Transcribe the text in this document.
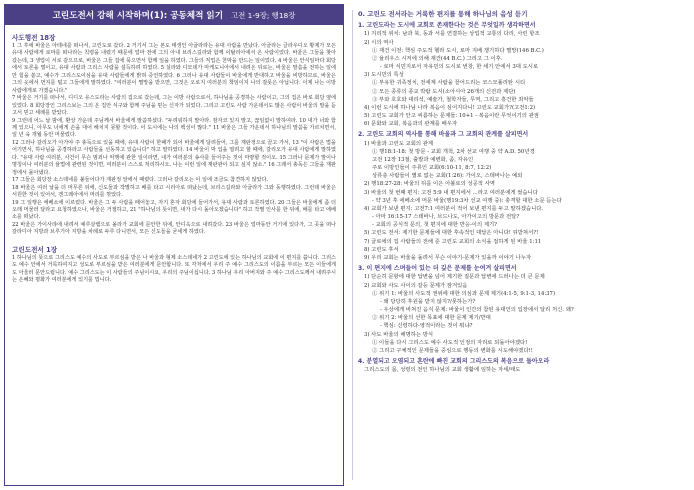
고린도전서 강해 시작하며(1): 공동체적 읽기 고전 1-9장; 행18장
사도행전 18장

1 그 후에 바울은 아테네를 떠나서, 고린도로 갔다. 2 거기서 그는 본도 태생인 아굴라라는 유대 사람을 만났다. 아굴라는 글라우디오 황제가 모든 유대 사람에게 로마를 떠나라는 칙령을 내렸기 때문에 얼마 전에 그의 아내 브리스길라와 함께 이탈리아에서 온 사람이었다. 바울은 그들을 찾아갔는데, 3 생업이 서로 같으므로, 바울은 그들 집에 묵으면서 함께 일을 하였다. 그들의 직업은 천막을 만드는 일이었다. 4 바울은 안식일마다 회당에서 토론을 벌이고, 유대 사람과 그리스 사람을 설득하려 하였다. 5 실라와 디모데가 마케도니아에서 내려온 뒤로는, 바울은 말씀을 전하는 일에만 힘을 쏟고, 예수가 그리스도이심을 유대 사람들에게 밝혀 증언하였다. 6 그러나 유대 사람들이 바울에게 반대하고 바울을 비방하므로, 바울은 그의 옷에서 먼지를 털고 그들에게 말하였다. "여러분이 멸망을 받으면, 그것은 오로지 여러분의 책임이지 나의 잘못은 아닙니다. 이제 나는 이방 사람에게로 가겠습니다."

7 바울은 거기를 떠나서, 디디오 유스도라는 사람의 집으로 갔는데, 그는 이방 사람으로서, 하나님을 공경하는 사람이고, 그의 집은 바로 회당 옆에 있었다. 8 회당장인 그리스보는 그의 온 집안 식구와 함께 주님을 믿는 신자가 되었다. 그리고 고린도 사람 가운데서도 많은 사람이 바울의 말을 듣고서 믿고 세례를 받았다.

9 그런데 어느 날 밤에, 환상 가운데 주님께서 바울에게 말씀하셨다. "두려워하지 말아라. 잠자코 있지 말고, 끊임없이 말하여라. 10 내가 너와 함께 있으니, 아무도 너에게 손을 대어 해치지 못할 것이다. 이 도시에는 나의 백성이 많다." 11 바울은 그들 가운데서 하나님의 말씀을 가르치면서, 일 년 육 개월 동안 머물렀다.

12 그러나 갈리오가 아가야 주 총독으로 있을 때에, 유대 사람이 한패가 되어 바울에게 달려들어, 그를 재판정으로 끌고 가서, 13 "이 사람은 법을 어기면서, 하나님을 공경하라고 사람들을 선동하고 있습니다" 하고 말하였다. 14 바울이 막 입을 열려고 할 때에, 갈리오가 유대 사람에게 말하였다. "유대 사람 여러분, 사건이 무슨 범죄나 악행에 관한 일이라면, 내가 여러분의 송사를 들어주는 것이 마땅할 것이오. 15 그러나 문제가 말이나 명칭이나 여러분의 율법에 관련된 것이면, 여러분이 스스로 처리하시오. 나는 이런 일에 재판관이 되고 싶지 않소." 16 그래서 총독은 그들을 재판정에서 몰아냈다.

17 그들은 회당장 소스데네를 붙들어다가 재판정 앞에서 때렸다. 그러나 갈리오는 이 일에 조금도 참견하지 않았다.

18 바울은 여러 날을 더 머무른 뒤에, 신도들과 작별하고 배를 타고 시리아로 떠났는데, 브리스길라와 아굴라가 그와 동행하였다. 그런데 바울은 서원한 것이 있어서, 겐그레아에서 머리를 깎았다.

19 그 일행은 에베소에 이르렀다. 바울은 그 두 사람을 떼어놓고, 자기 혼자 회당에 들어가서, 유대 사람과 토론하였다. 20 그들은 바울에게 좀 더 오래 머물러 달라고 요청하였으나, 바울은 거절하고, 21 "하나님의 뜻이면, 내가 다시 돌아오겠습니다" 하고 작별 인사를 한 뒤에, 배를 타고 에베소를 떠났다.

22 바울은 가이사랴에 내려서 예루살렘으로 올라가 교회에 문안한 뒤에, 안디옥으로 내려갔다. 23 바울은 얼마동안 거기에 있다가, 그 곳을 떠나 갈라디아 지방과 브루기아 지방을 차례로 두루 다니면서, 모든 신도들을 굳세게 하였다.

고린도전서 1장

1 하나님의 뜻으로 그리스도 예수의 사도로 부르심을 받은 나 바울과 형제 소스데네가 2 고린도에 있는 하나님의 교회에 이 편지를 씁니다. 그리스도 예수 안에서 거룩하여지고 성도로 부르심을 받은 여러분에게 문안합니다. 또 각처에서 우리 주 예수 그리스도의 이름을 부르는 모든 이들에게도 아울러 문안드립니다. 예수 그리스도는 이 사람들의 주님이시요, 우리의 주님이십니다. 3 하나님 우리 아버지와 주 예수 그리스도께서 내려주시는 은혜와 평화가 여러분에게 있기를 빕니다.

0. 고린도 전서라는 거룩한 편지를 통해 하나님의 음성 듣기
1. 고린도라는 도시에 교회로 존재한다는 것은 무엇일까 생각하면서
1) 지리적 위치: 남과 북, 동과 서를 연결하는 상업적 교통의 다리, 사린 항조
2) 시의 역사
① 재건 이전: 핵심 주도적 헬라 도시, 로마 지배 쟁기하다 멸망(146 B.C.)
② 율리우스 시저에 의해 재건(44 B.C.) 그리고 그 이후.
- 로마 식민지로서 자유민의 도시로 번창, 한 세기 안에서 3대 도시로
3) 도시민의 특성
① 부유한 귀족정치, 전세계 사람을 끌어드리는 코스모폴리탄 시티
② 모든 종류의 종교 박람 도시(소아시아 26개의 신전과 제단)
③ 부와 호호와 대리석, 예술가, 철학자들, 무역, 그리고 흥건한 죄악들
4) 이런 도시에 하나님 나라 복음이 심어지다니! 고린도 교회가?(고전1:2)
5) 고린도 교회가 안고 씨름하는 문제들: 10+1 - 복음이란 무엇이기의 관점
6) 문화와 교회, 복음과의 관계를 배우자
2. 고린도 교회의 역사를 통해 바울과 그 교회의 관계를 살피면서
1) 바울과 고린도 교회의 관계
① 행18:1-18: 첫 방문 - 교회 개척, 2차 선교 여행 중 약 A.D. 50년경
고전 12장 13절, 출발과 예변화, 좀, 자유인
주로 이방인들이 주류인 교회(6:10-11, 8:7, 12:2)
상류층 사람들이 별로 없는 교회(1:26): 가이오, 스데바나는 예외
2) 행18:27-28: 바울의 뒤를 이은 아볼로의 성공적 사역
3) 바울의 첫 번째 편지: 고전 5:9 내 편지에서 ...라고 여러분에게 썼습니다
- 약 3년 후 에베소에 머문 바울(행19:3차 선교 여행 중): 충격할 대한 소문 듣는다
4) 교회가 보낸 편지: 고전7:1 여러분이 적어 보낸 편지를 두고 말하겠습니다.
- 아마 16:15-17 스테바나, 브드나도, 아가이고의 방문과 전달?
- 교회의 공식적 문의, 첫 편지에 대한 반응-이의 제기?
5) 고린도 전서: 제기한 문제들에 대한 후속적인 대답은 아니다! 뒤받쳐서?!
7) 글로에의 집 사람들의 전해 준 고린도 교회의 소식을 접하게 된 바울 1:11
8) 고린도 후서
9) 우리 교회는 바울을 돌려서 무슨 이야기-문제가 있을까 이야기 나누자
3. 이 편지에 스며들어 있는 더 깊은 문제를 눈여겨 살피면서
1) 단순히 문항에 대한 답변을 넘어 제기한 질문과 답변에 드러나는 더 큰 문제
2) 교회와 사도 사이의 갈등 문제가 잠겨있음
① 위기 1: 바울의 사도적 권위에 대한 의심과 문제 제기(4:1-5, 9:1-3, 14:37)
- 왜 당당히 후원을 받지 않지?/못하는가?
- 우상에게 바쳐진 음식 문제: 바울이 인간의 참된 유대인의 입장에서 달리 처신. 왜?
② 위기 2: 바울의 선한 목표에 대한 문제 제기/반대
- 핵심: 신령하다-영적이라는 것이 뭐냐?
3) 사도 바울의 해명하는 방식
① 이들을 다시 그리스도 예수 사도적 인정의 자리로 되돌아야겠다!
② 그리고 구체적인 문제들을 중심으로 행동의 변화를 시도해야겠다!!
4. 분열되고 오염되고 혼란에 빠진 교회의 그리스도의 복음으로 돌아오라
그리스도의 몸, 성령의 전인 하나님의 교회 생활에 임하는 자세/태도
